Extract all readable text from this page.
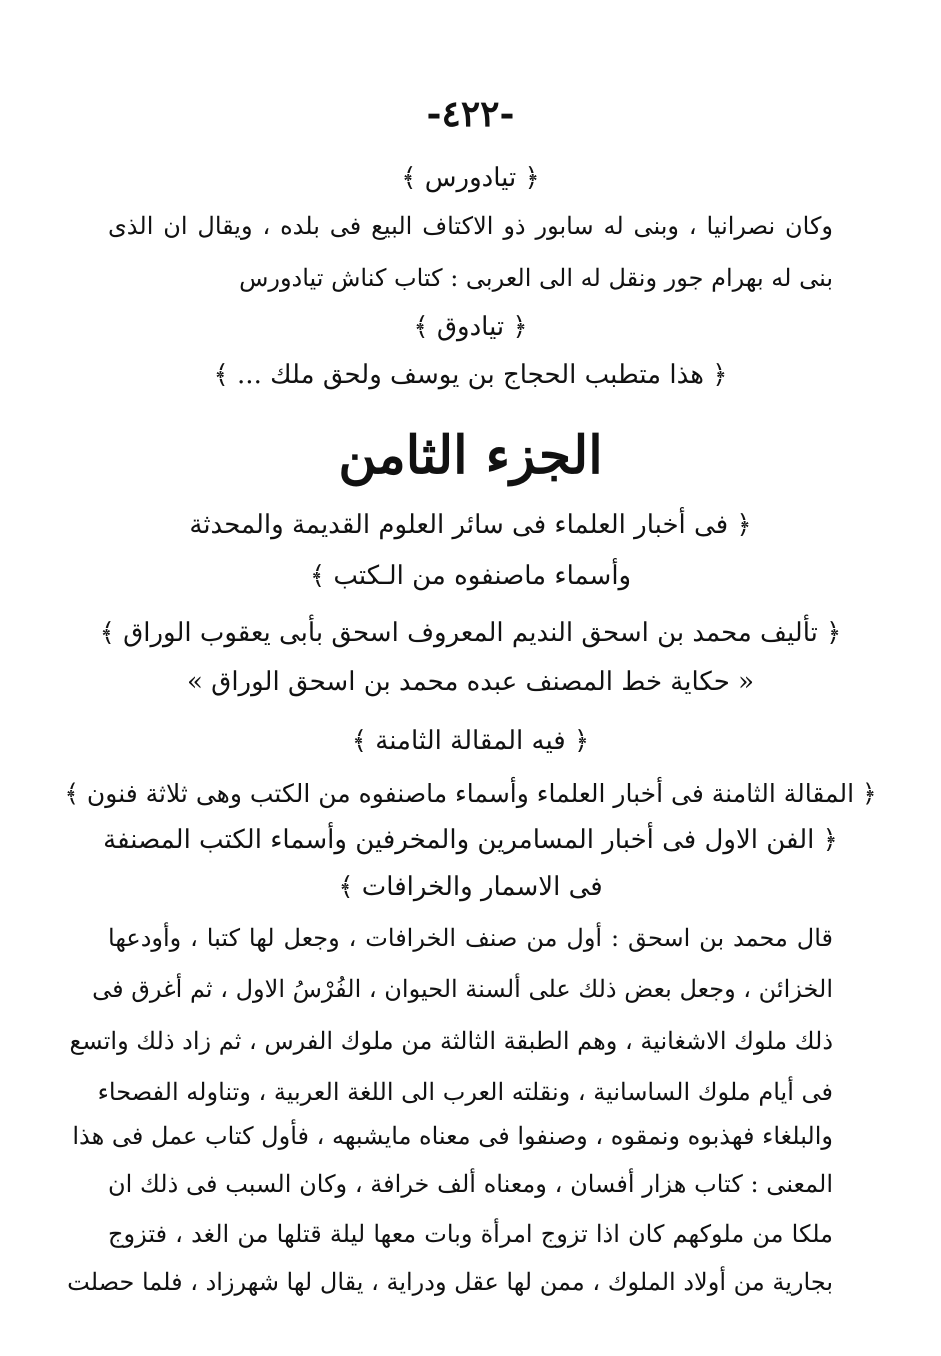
-٤٢٢-
﴿ تيادورس ﴾
وكان نصرانيا ، وبنى له سابور ذو الاكتاف البيع فى بلده ، ويقال ان الذى
بنى له بهرام جور ونقل له الى العربى : كتاب كناش تيادورس
﴿ تيادوق ﴾
﴿ هذا متطبب الحجاج بن يوسف ولحق ملك ... ﴾
الجزء الثامن
﴿ فى أخبار العلماء فى سائر العلوم القديمة والمحدثة
وأسماء ماصنفوه من الـكتب ﴾
﴿ تأليف محمد بن اسحق النديم المعروف اسحق بأبى يعقوب الوراق ﴾
« حكاية خط المصنف عبده محمد بن اسحق الوراق »
﴿ فيه المقالة الثامنة ﴾
﴿ المقالة الثامنة فى أخبار العلماء وأسماء ماصنفوه من الكتب وهى ثلاثة فنون ﴾
﴿ الفن الاول فى أخبار المسامرين والمخرفين وأسماء الكتب المصنفة
فى الاسمار والخرافات ﴾
قال محمد بن اسحق : أول من صنف الخرافات ، وجعل لها كتبا ، وأودعها
الخزائن ، وجعل بعض ذلك على ألسنة الحيوان ، الفُرْسُ الاول ، ثم أغرق فى
ذلك ملوك الاشغانية ، وهم الطبقة الثالثة من ملوك الفرس ، ثم زاد ذلك واتسع
فى أيام ملوك الساسانية ، ونقلته العرب الى اللغة العربية ، وتناوله الفصحاء
والبلغاء فهذبوه ونمقوه ، وصنفوا فى معناه مايشبهه ، فأول كتاب عمل فى هذا
المعنى : كتاب هزار أفسان ، ومعناه ألف خرافة ، وكان السبب فى ذلك ان
ملكا من ملوكهم كان اذا تزوج امرأة وبات معها ليلة قتلها من الغد ، فتزوج
بجارية من أولاد الملوك ، ممن لها عقل ودراية ، يقال لها شهرزاد ، فلما حصلت
